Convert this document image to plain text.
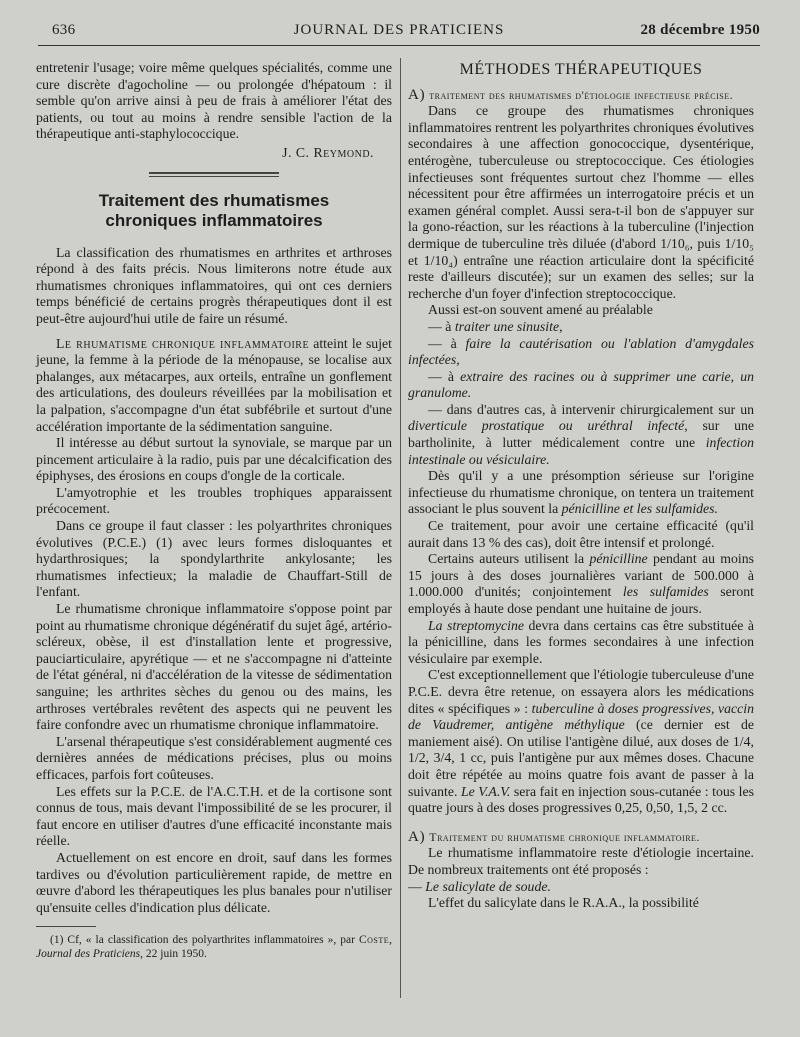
636	JOURNAL DES PRATICIENS	28 décembre 1950

entretenir l'usage; voire même quelques spécialités, comme une cure discrète d'agocholine — ou prolongée d'hépatoum : il semble qu'on arrive ainsi à peu de frais à améliorer l'état des patients, ou tout au moins à rendre sensible l'action de la thérapeutique anti-staphylococcique.

J. C. Reymond.

Traitement des rhumatismes
chroniques inflammatoires

La classification des rhumatismes en arthrites et arthroses répond à des faits précis. Nous limiterons notre étude aux rhumatismes chroniques inflammatoires, qui ont ces derniers temps bénéficié de certains progrès thérapeutiques dont il est peut-être aujourd'hui utile de faire un résumé.

Le rhumatisme chronique inflammatoire atteint le sujet jeune, la femme à la période de la ménopause, se localise aux phalanges, aux métacarpes, aux orteils, entraîne un gonflement des articulations, des douleurs réveillées par la mobilisation et la palpation, s'accompagne d'un état subfébrile et surtout d'une accélération importante de la sédimentation sanguine.

Il intéresse au début surtout la synoviale, se marque par un pincement articulaire à la radio, puis par une décalcification des épiphyses, des érosions en coups d'ongle de la corticale.

L'amyotrophie et les troubles trophiques apparaissent précocement.

Dans ce groupe il faut classer : les polyarthrites chroniques évolutives (P.C.E.) (1) avec leurs formes disloquantes et hydarthrosiques; la spondylarthrite ankylosante; les rhumatismes infectieux; la maladie de Chauffart-Still de l'enfant.

Le rhumatisme chronique inflammatoire s'oppose point par point au rhumatisme chronique dégénératif du sujet âgé, artério-scléreux, obèse, il est d'installation lente et progressive, pauciarticulaire, apyrétique — et ne s'accompagne ni d'atteinte de l'état général, ni d'accélération de la vitesse de sédimentation sanguine; les arthrites sèches du genou ou des mains, les arthroses vertébrales revêtent des aspects qui ne peuvent les faire confondre avec un rhumatisme chronique inflammatoire.

L'arsenal thérapeutique s'est considérablement augmenté ces dernières années de médications précises, plus ou moins efficaces, parfois fort coûteuses.

Les effets sur la P.C.E. de l'A.C.T.H. et de la cortisone sont connus de tous, mais devant l'impossibilité de se les procurer, il faut encore en utiliser d'autres d'une efficacité inconstante mais réelle.

Actuellement on est encore en droit, sauf dans les formes tardives ou d'évolution particulièrement rapide, de mettre en œuvre d'abord les thérapeutiques les plus banales pour n'utiliser qu'ensuite celles d'indication plus délicate.

(1) Cf, « la classification des polyarthrites inflammatoires », par Coste, Journal des Praticiens, 22 juin 1950.

MÉTHODES THÉRAPEUTIQUES

A) traitement des rhumatismes d'étiologie infectieuse précise.

Dans ce groupe des rhumatismes chroniques inflammatoires rentrent les polyarthrites chroniques évolutives secondaires à une affection gonococcique, dysentérique, entérogène, tuberculeuse ou streptococcique. Ces étiologies infectieuses sont fréquentes surtout chez l'homme — elles nécessitent pour être affirmées un interrogatoire précis et un examen général complet. Aussi sera-t-il bon de s'appuyer sur la gono-réaction, sur les réactions à la tuberculine (l'injection dermique de tuberculine très diluée (d'abord 1/10₆, puis 1/10₅ et 1/10₄) entraîne une réaction articulaire dont la spécificité reste d'ailleurs discutée); sur un examen des selles; sur la recherche d'un foyer d'infection streptococcique.

Aussi est-on souvent amené au préalable

— à traiter une sinusite,

— à faire la cautérisation ou l'ablation d'amygdales infectées,

— à extraire des racines ou à supprimer une carie, un granulome.

— dans d'autres cas, à intervenir chirurgicalement sur un diverticule prostatique ou uréthral infecté, sur une bartholinite, à lutter médicalement contre une infection intestinale ou vésiculaire.

Dès qu'il y a une présomption sérieuse sur l'origine infectieuse du rhumatisme chronique, on tentera un traitement associant le plus souvent la pénicilline et les sulfamides.

Ce traitement, pour avoir une certaine efficacité (qu'il aurait dans 13 % des cas), doit être intensif et prolongé.

Certains auteurs utilisent la pénicilline pendant au moins 15 jours à des doses journalières variant de 500.000 à 1.000.000 d'unités; conjointement les sulfamides seront employés à haute dose pendant une huitaine de jours.

La streptomycine devra dans certains cas être substituée à la pénicilline, dans les formes secondaires à une infection vésiculaire par exemple.

C'est exceptionnellement que l'étiologie tuberculeuse d'une P.C.E. devra être retenue, on essayera alors les médications dites « spécifiques » : tuberculine à doses progressives, vaccin de Vaudremer, antigène méthylique (ce dernier est de maniement aisé). On utilise l'antigène dilué, aux doses de 1/4, 1/2, 3/4, 1 cc, puis l'antigène pur aux mêmes doses. Chacune doit être répétée au moins quatre fois avant de passer à la suivante. Le V.A.V. sera fait en injection sous-cutanée : tous les quatre jours à des doses progressives 0,25, 0,50, 1,5, 2 cc.

A) Traitement du rhumatisme chronique inflammatoire.

Le rhumatisme inflammatoire reste d'étiologie incertaine. De nombreux traitements ont été proposés :

— Le salicylate de soude.

L'effet du salicylate dans le R.A.A., la possibilité
